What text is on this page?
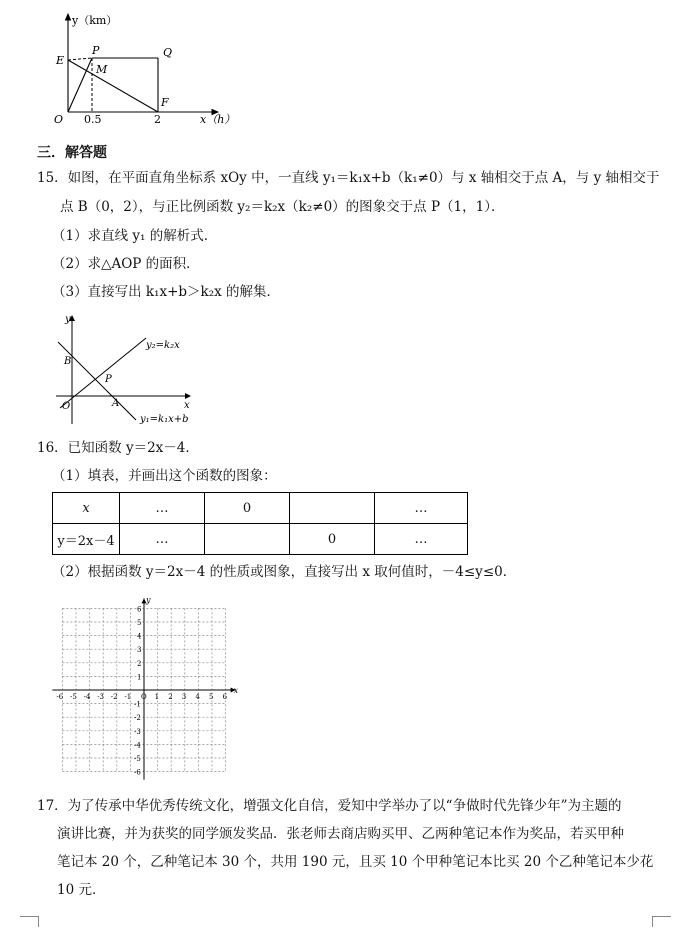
y（km）
x（h）
E
P	Q
M
F
O 0.5	2
三．解答题
15．如图，在平面直角坐标系 xOy 中，一直线 y₁＝k₁x+b（k₁≠0）与 x 轴相交于点 A，与 y 轴相交于
点 B（0，2），与正比例函数 y₂＝k₂x（k₂≠0）的图象交于点 P（1，1）．
（1）求直线 y₁ 的解析式．
（2）求△AOP 的面积．
（3）直接写出 k₁x+b＞k₂x 的解集．
y
x
B
P
O	A
y₂=k₂x
y₁=k₁x+b
16．已知函数 y＝2x－4．
（1）填表，并画出这个函数的图象：
x	…	0		…
y＝2x－4	…		0	…
（2）根据函数 y＝2x－4 的性质或图象，直接写出 x 取何值时，－4≤y≤0．
-6 -5 -4 -3 -2 -1 O 1 2 3 4 5 6
6
5
4
3
2
1
-1
-2
-3
-4
-5
-6
x
y
17．为了传承中华优秀传统文化，增强文化自信，爱知中学举办了以“争做时代先锋少年”为主题的
演讲比赛，并为获奖的同学颁发奖品．张老师去商店购买甲、乙两种笔记本作为奖品，若买甲种
笔记本 20 个，乙种笔记本 30 个，共用 190 元，且买 10 个甲种笔记本比买 20 个乙种笔记本少花
10 元．
